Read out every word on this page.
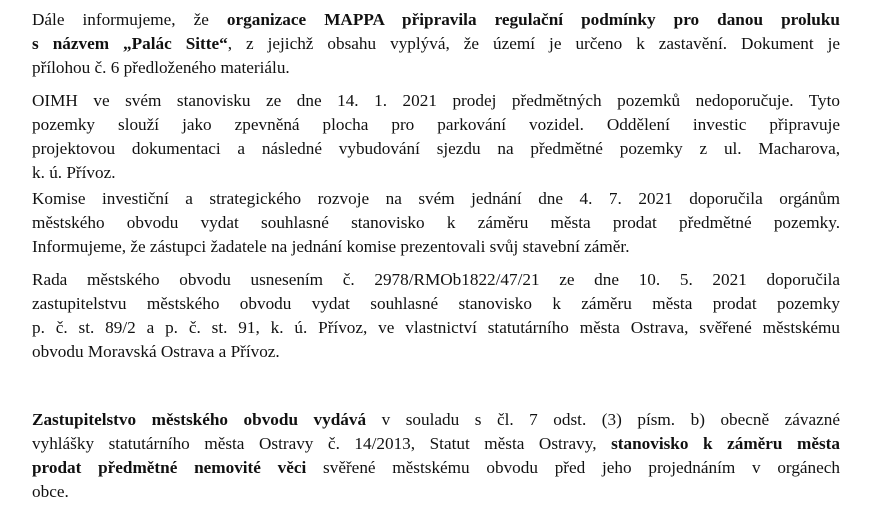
Dále informujeme, že organizace MAPPA připravila regulační podmínky pro danou proluku
s názvem „Palác Sitte“, z jejichž obsahu vyplývá, že území je určeno k zastavění. Dokument je
přílohou č. 6 předloženého materiálu.

OIMH ve svém stanovisku ze dne 14. 1. 2021 prodej předmětných pozemků nedoporučuje. Tyto
pozemky slouží jako zpevněná plocha pro parkování vozidel. Oddělení investic připravuje
projektovou dokumentaci a následné vybudování sjezdu na předmětné pozemky z ul. Macharova,
k. ú. Přívoz.

Komise investiční a strategického rozvoje na svém jednání dne 4. 7. 2021 doporučila orgánům
městského obvodu vydat souhlasné stanovisko k záměru města prodat předmětné pozemky.
Informujeme, že zástupci žadatele na jednání komise prezentovali svůj stavební záměr.

Rada městského obvodu usnesením č. 2978/RMOb1822/47/21 ze dne 10. 5. 2021 doporučila
zastupitelstvu městského obvodu vydat souhlasné stanovisko k záměru města prodat pozemky
p. č. st. 89/2 a p. č. st. 91, k. ú. Přívoz, ve vlastnictví statutárního města Ostrava, svěřené městskému
obvodu Moravská Ostrava a Přívoz.

Zastupitelstvo městského obvodu vydává v souladu s čl. 7 odst. (3) písm. b) obecně závazné
vyhlášky statutárního města Ostravy č. 14/2013, Statut města Ostravy, stanovisko k záměru města
prodat předmětné nemovité věci svěřené městskému obvodu před jeho projednáním v orgánech
obce.
